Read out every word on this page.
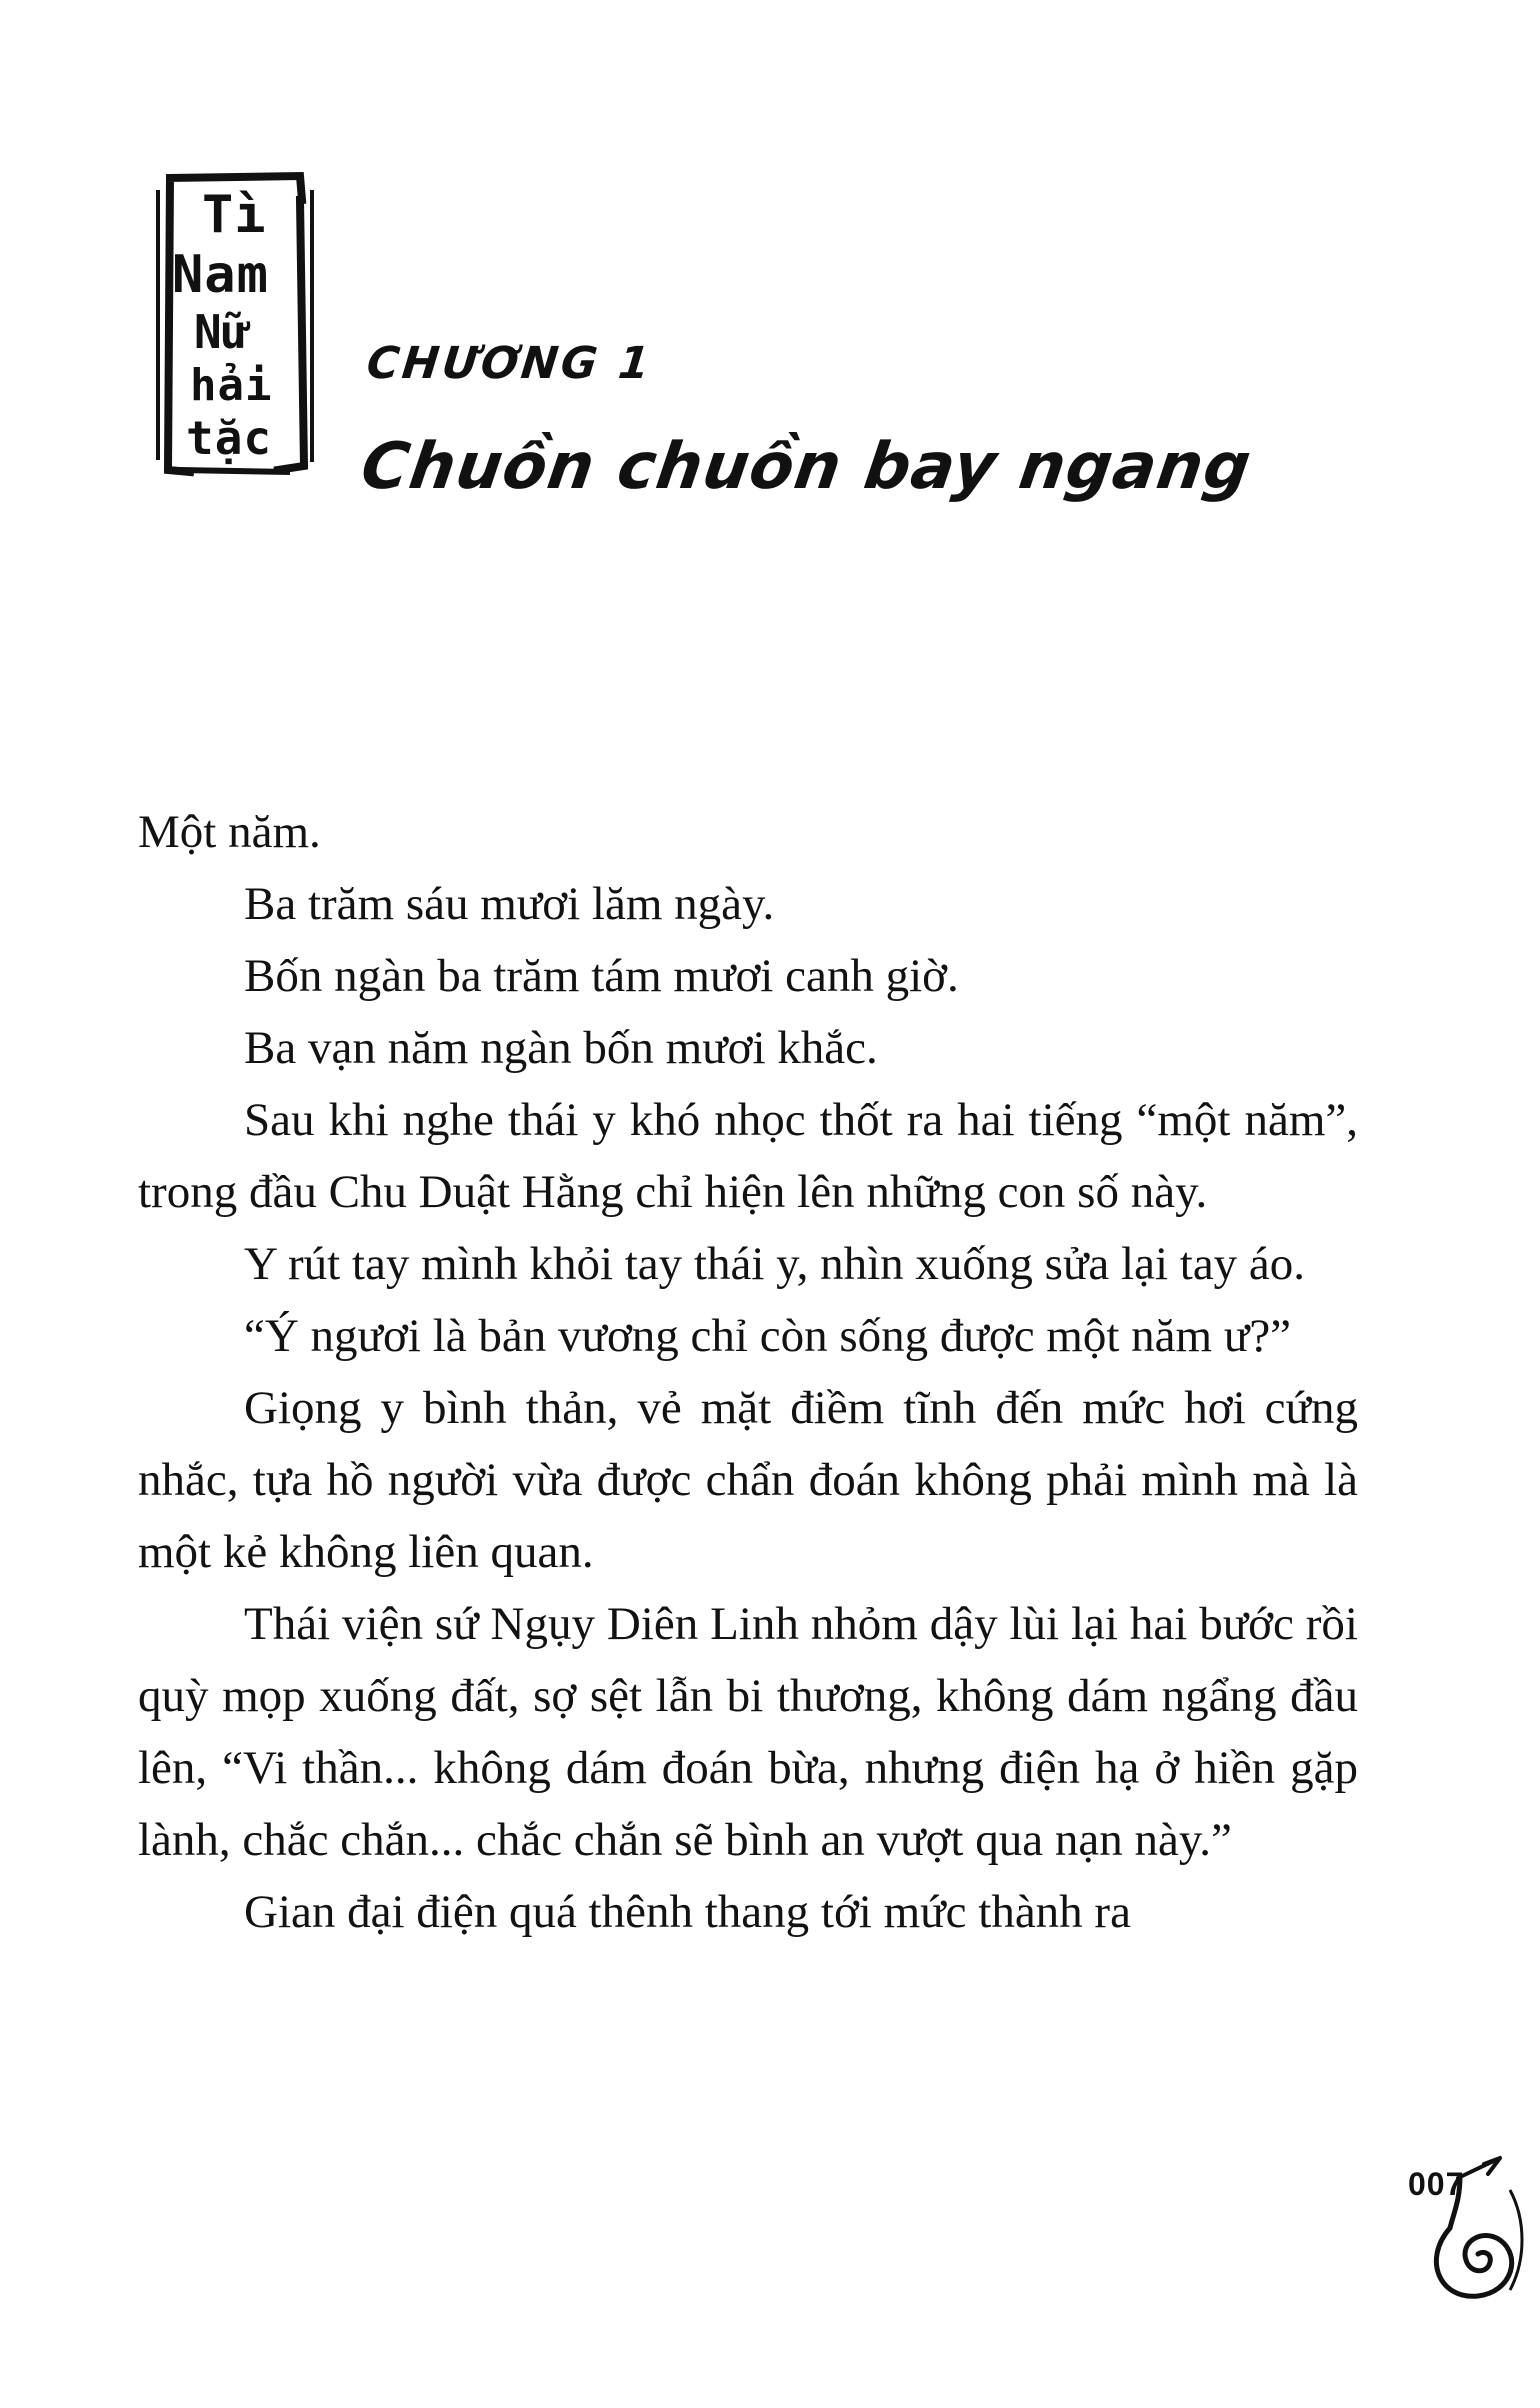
Tì
Nam
Nữ
hải
tặc
CHƯƠNG 1
Chuồn chuồn bay ngang

Một năm.

Ba trăm sáu mươi lăm ngày.

Bốn ngàn ba trăm tám mươi canh giờ.

Ba vạn năm ngàn bốn mươi khắc.

Sau khi nghe thái y khó nhọc thốt ra hai tiếng “một năm”, trong đầu Chu Duật Hằng chỉ hiện lên những con số này.

Y rút tay mình khỏi tay thái y, nhìn xuống sửa lại tay áo.

“Ý ngươi là bản vương chỉ còn sống được một năm ư?”

Giọng y bình thản, vẻ mặt điềm tĩnh đến mức hơi cứng nhắc, tựa hồ người vừa được chẩn đoán không phải mình mà là một kẻ không liên quan.

Thái viện sứ Ngụy Diên Linh nhỏm dậy lùi lại hai bước rồi quỳ mọp xuống đất, sợ sệt lẫn bi thương, không dám ngẩng đầu lên, “Vi thần... không dám đoán bừa, nhưng điện hạ ở hiền gặp lành, chắc chắn... chắc chắn sẽ bình an vượt qua nạn này.”

Gian đại điện quá thênh thang tới mức thành ra

007
